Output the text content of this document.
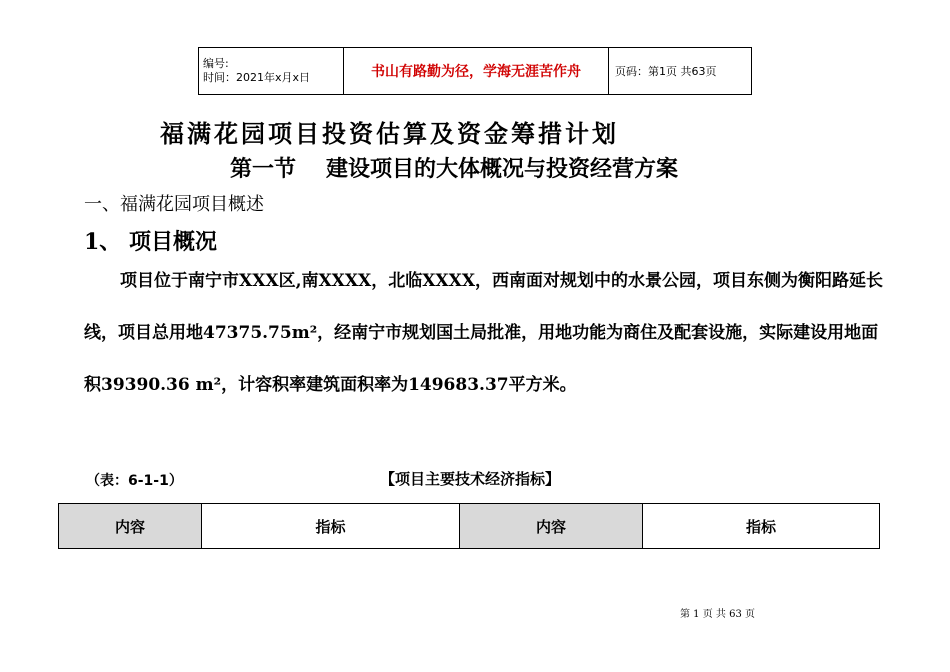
编号:
时间：2021年x月x日	书山有路勤为径，学海无涯苦作舟	页码：第1页 共63页
福满花园项目投资估算及资金筹措计划
第一节 建设项目的大体概况与投资经营方案
一、福满花园项目概述
1、 项目概况

项目位于南宁市XXX区,南XXXX，北临XXXX，西南面对规划中的水景公园，项目东侧为衡阳路延长线，项目总用地47375.75m²，经南宁市规划国土局批准，用地功能为商住及配套设施，实际建设用地面积39390.36 m²，计容积率建筑面积率为149683.37平方米。

（表：6-1-1）	【项目主要技术经济指标】
内容	指标	内容	指标
第 1 页 共 63 页
